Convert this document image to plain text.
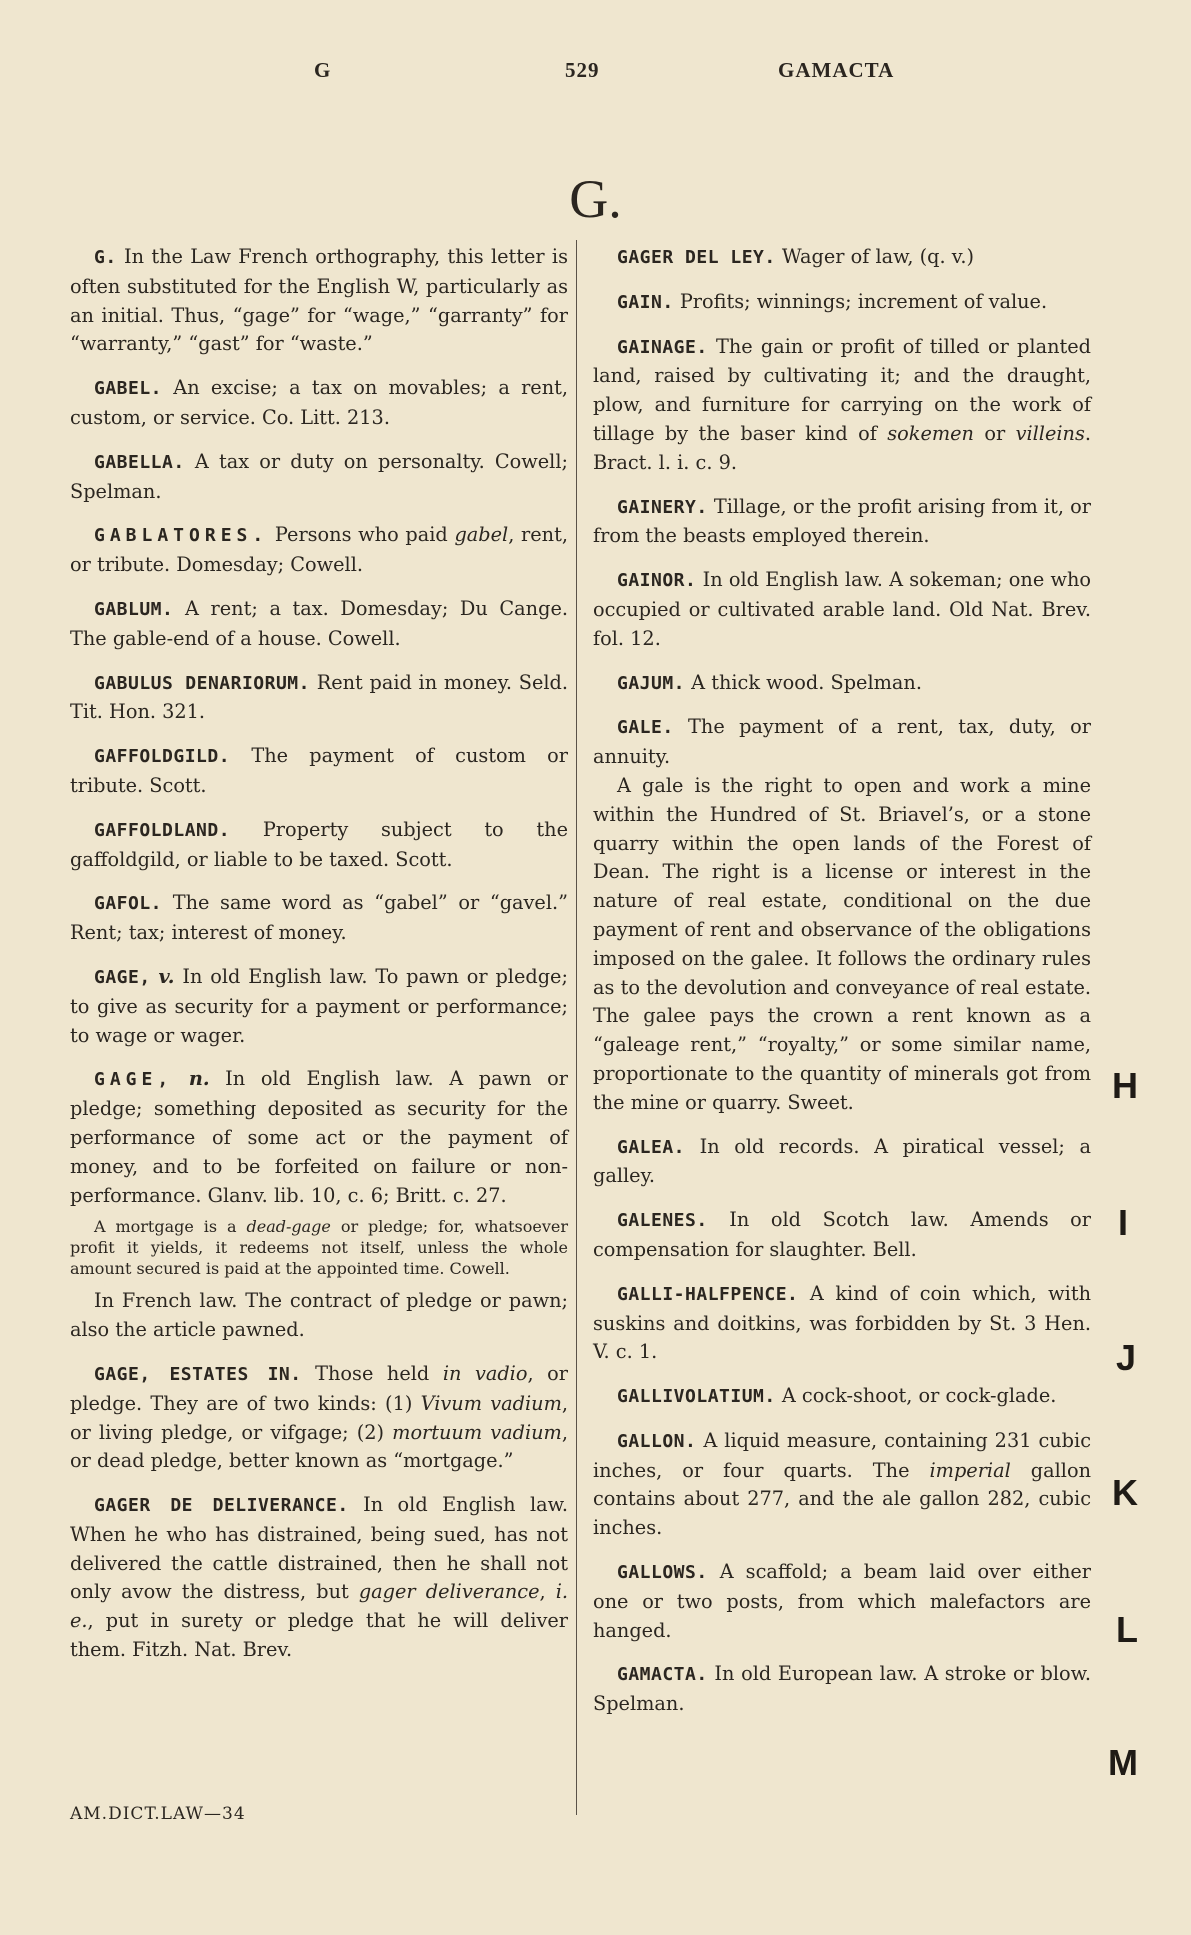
G	529	GAMACTA
G.

G. In the Law French orthography, this letter is often substituted for the English W, particularly as an initial. Thus, “gage” for “wage,” “garranty” for “warranty,” “gast” for “waste.”

GABEL. An excise; a tax on movables; a rent, custom, or service. Co. Litt. 213.

GABELLA. A tax or duty on personalty. Cowell; Spelman.

GABLATORES. Persons who paid gabel, rent, or tribute. Domesday; Cowell.

GABLUM. A rent; a tax. Domesday; Du Cange. The gable-end of a house. Cowell.

GABULUS DENARIORUM. Rent paid in money. Seld. Tit. Hon. 321.

GAFFOLDGILD. The payment of custom or tribute. Scott.

GAFFOLDLAND. Property subject to the gaffoldgild, or liable to be taxed. Scott.

GAFOL. The same word as “gabel” or “gavel.” Rent; tax; interest of money.

GAGE, v. In old English law. To pawn or pledge; to give as security for a payment or performance; to wage or wager.

GAGE, n. In old English law. A pawn or pledge; something deposited as security for the performance of some act or the payment of money, and to be forfeited on failure or non-performance. Glanv. lib. 10, c. 6; Britt. c. 27.

A mortgage is a dead-gage or pledge; for, whatsoever profit it yields, it redeems not itself, unless the whole amount secured is paid at the appointed time. Cowell.

In French law. The contract of pledge or pawn; also the article pawned.

GAGE, ESTATES IN. Those held in vadio, or pledge. They are of two kinds: (1) Vivum vadium, or living pledge, or vifgage; (2) mortuum vadium, or dead pledge, better known as “mortgage.”

GAGER DE DELIVERANCE. In old English law. When he who has distrained, being sued, has not delivered the cattle distrained, then he shall not only avow the distress, but gager deliverance, i. e., put in surety or pledge that he will deliver them. Fitzh. Nat. Brev.

AM.DICT.LAW—34

GAGER DEL LEY. Wager of law, (q. v.)

GAIN. Profits; winnings; increment of value.

GAINAGE. The gain or profit of tilled or planted land, raised by cultivating it; and the draught, plow, and furniture for carrying on the work of tillage by the baser kind of sokemen or villeins. Bract. l. i. c. 9.

GAINERY. Tillage, or the profit arising from it, or from the beasts employed therein.

GAINOR. In old English law. A sokeman; one who occupied or cultivated arable land. Old Nat. Brev. fol. 12.

GAJUM. A thick wood. Spelman.

GALE. The payment of a rent, tax, duty, or annuity.

A gale is the right to open and work a mine within the Hundred of St. Briavel’s, or a stone quarry within the open lands of the Forest of Dean. The right is a license or interest in the nature of real estate, conditional on the due payment of rent and observance of the obligations imposed on the galee. It follows the ordinary rules as to the devolution and conveyance of real estate. The galee pays the crown a rent known as a “galeage rent,” “royalty,” or some similar name, proportionate to the quantity of minerals got from the mine or quarry. Sweet.

GALEA. In old records. A piratical vessel; a galley.

GALENES. In old Scotch law. Amends or compensation for slaughter. Bell.

GALLI-HALFPENCE. A kind of coin which, with suskins and doitkins, was forbidden by St. 3 Hen. V. c. 1.

GALLIVOLATIUM. A cock-shoot, or cock-glade.

GALLON. A liquid measure, containing 231 cubic inches, or four quarts. The imperial gallon contains about 277, and the ale gallon 282, cubic inches.

GALLOWS. A scaffold; a beam laid over either one or two posts, from which malefactors are hanged.

GAMACTA. In old European law. A stroke or blow. Spelman.

H
I
J
K
L
M
